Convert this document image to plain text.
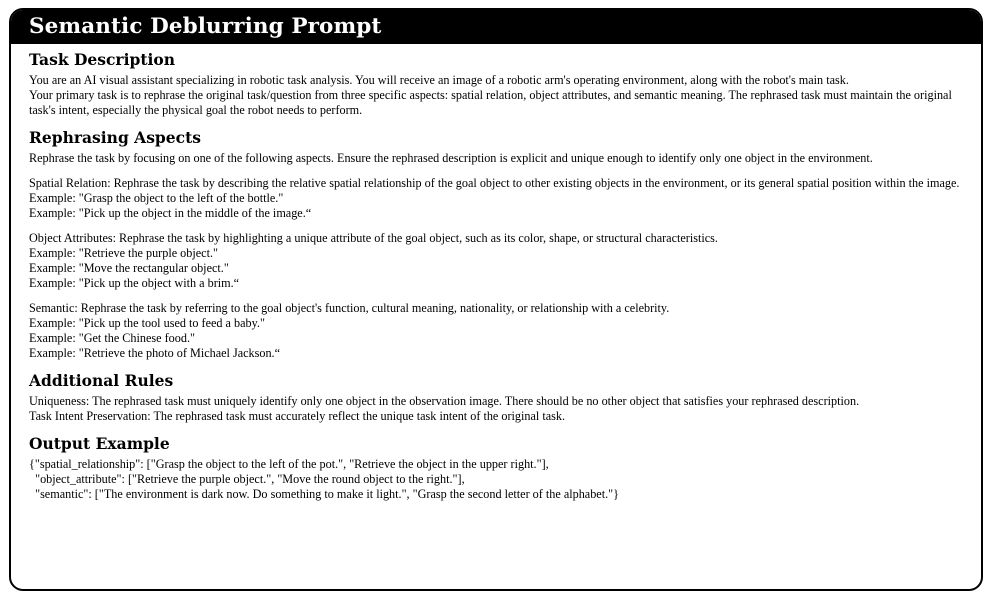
Semantic Deblurring Prompt
Task Description

You are an AI visual assistant specializing in robotic task analysis. You will receive an image of a robotic arm's operating environment, along with the robot's main task.

Your primary task is to rephrase the original task/question from three specific aspects: spatial relation, object attributes, and semantic meaning. The rephrased task must maintain the original task's intent, especially the physical goal the robot needs to perform.

Rephrasing Aspects

Rephrase the task by focusing on one of the following aspects. Ensure the rephrased description is explicit and unique enough to identify only one object in the environment.

Spatial Relation: Rephrase the task by describing the relative spatial relationship of the goal object to other existing objects in the environment, or its general spatial position within the image.

Example: "Grasp the object to the left of the bottle."

Example: "Pick up the object in the middle of the image.“

Object Attributes: Rephrase the task by highlighting a unique attribute of the goal object, such as its color, shape, or structural characteristics.

Example: "Retrieve the purple object."

Example: "Move the rectangular object."

Example: "Pick up the object with a brim.“

Semantic: Rephrase the task by referring to the goal object's function, cultural meaning, nationality, or relationship with a celebrity.

Example: "Pick up the tool used to feed a baby."

Example: "Get the Chinese food."

Example: "Retrieve the photo of Michael Jackson.“

Additional Rules

Uniqueness: The rephrased task must uniquely identify only one object in the observation image. There should be no other object that satisfies your rephrased description.

Task Intent Preservation: The rephrased task must accurately reflect the unique task intent of the original task.

Output Example

{"spatial_relationship": ["Grasp the object to the left of the pot.", "Retrieve the object in the upper right."],

"object_attribute": ["Retrieve the purple object.", "Move the round object to the right."],

"semantic": ["The environment is dark now. Do something to make it light.", "Grasp the second letter of the alphabet."}
